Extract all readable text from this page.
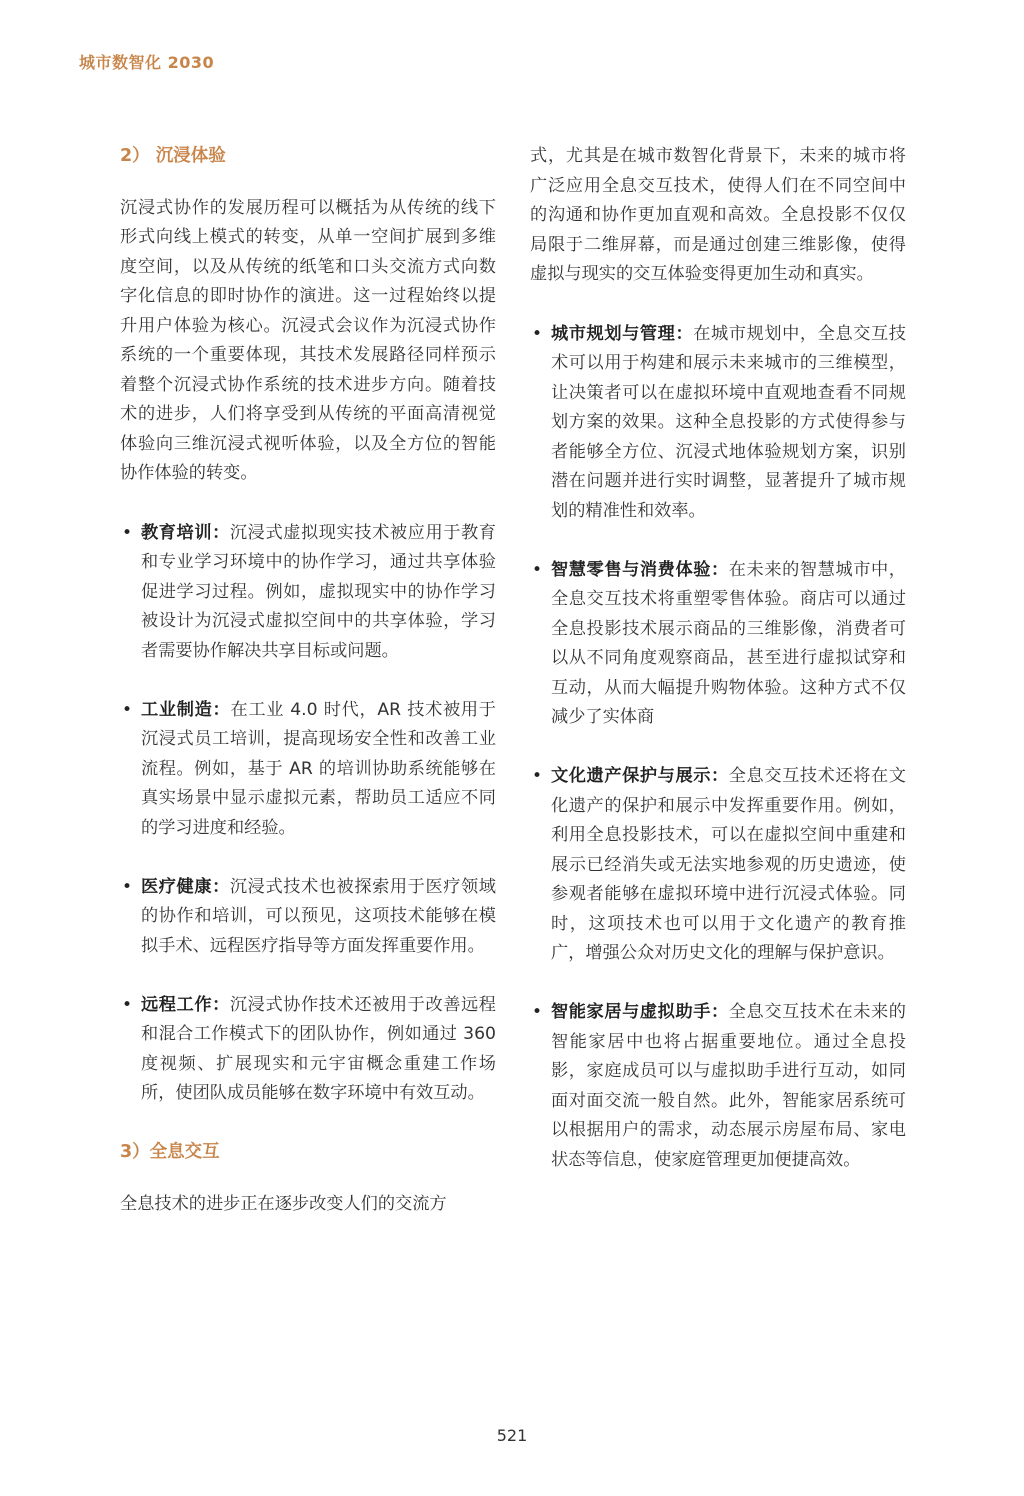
城市数智化 2030
2） 沉浸体验

沉浸式协作的发展历程可以概括为从传统的线下形式向线上模式的转变，从单一空间扩展到多维度空间，以及从传统的纸笔和口头交流方式向数字化信息的即时协作的演进。这一过程始终以提升用户体验为核心。沉浸式会议作为沉浸式协作系统的一个重要体现，其技术发展路径同样预示着整个沉浸式协作系统的技术进步方向。随着技术的进步，人们将享受到从传统的平面高清视觉体验向三维沉浸式视听体验，以及全方位的智能协作体验的转变。

• 教育培训：沉浸式虚拟现实技术被应用于教育和专业学习环境中的协作学习，通过共享体验促进学习过程。例如，虚拟现实中的协作学习被设计为沉浸式虚拟空间中的共享体验，学习者需要协作解决共享目标或问题。
• 工业制造：在工业 4.0 时代，AR 技术被用于沉浸式员工培训，提高现场安全性和改善工业流程。例如，基于 AR 的培训协助系统能够在真实场景中显示虚拟元素，帮助员工适应不同的学习进度和经验。
• 医疗健康：沉浸式技术也被探索用于医疗领域的协作和培训，可以预见，这项技术能够在模拟手术、远程医疗指导等方面发挥重要作用。
• 远程工作：沉浸式协作技术还被用于改善远程和混合工作模式下的团队协作，例如通过 360 度视频、扩展现实和元宇宙概念重建工作场所，使团队成员能够在数字环境中有效互动。
3）全息交互

全息技术的进步正在逐步改变人们的交流方

式，尤其是在城市数智化背景下，未来的城市将广泛应用全息交互技术，使得人们在不同空间中的沟通和协作更加直观和高效。全息投影不仅仅局限于二维屏幕，而是通过创建三维影像，使得虚拟与现实的交互体验变得更加生动和真实。

• 城市规划与管理：在城市规划中，全息交互技术可以用于构建和展示未来城市的三维模型，让决策者可以在虚拟环境中直观地查看不同规划方案的效果。这种全息投影的方式使得参与者能够全方位、沉浸式地体验规划方案，识别潜在问题并进行实时调整，显著提升了城市规划的精准性和效率。
• 智慧零售与消费体验：在未来的智慧城市中，全息交互技术将重塑零售体验。商店可以通过全息投影技术展示商品的三维影像，消费者可以从不同角度观察商品，甚至进行虚拟试穿和互动，从而大幅提升购物体验。这种方式不仅减少了实体商
• 文化遗产保护与展示：全息交互技术还将在文化遗产的保护和展示中发挥重要作用。例如，利用全息投影技术，可以在虚拟空间中重建和展示已经消失或无法实地参观的历史遗迹，使参观者能够在虚拟环境中进行沉浸式体验。同时，这项技术也可以用于文化遗产的教育推广，增强公众对历史文化的理解与保护意识。
• 智能家居与虚拟助手：全息交互技术在未来的智能家居中也将占据重要地位。通过全息投影，家庭成员可以与虚拟助手进行互动，如同面对面交流一般自然。此外，智能家居系统可以根据用户的需求，动态展示房屋布局、家电状态等信息，使家庭管理更加便捷高效。
521
